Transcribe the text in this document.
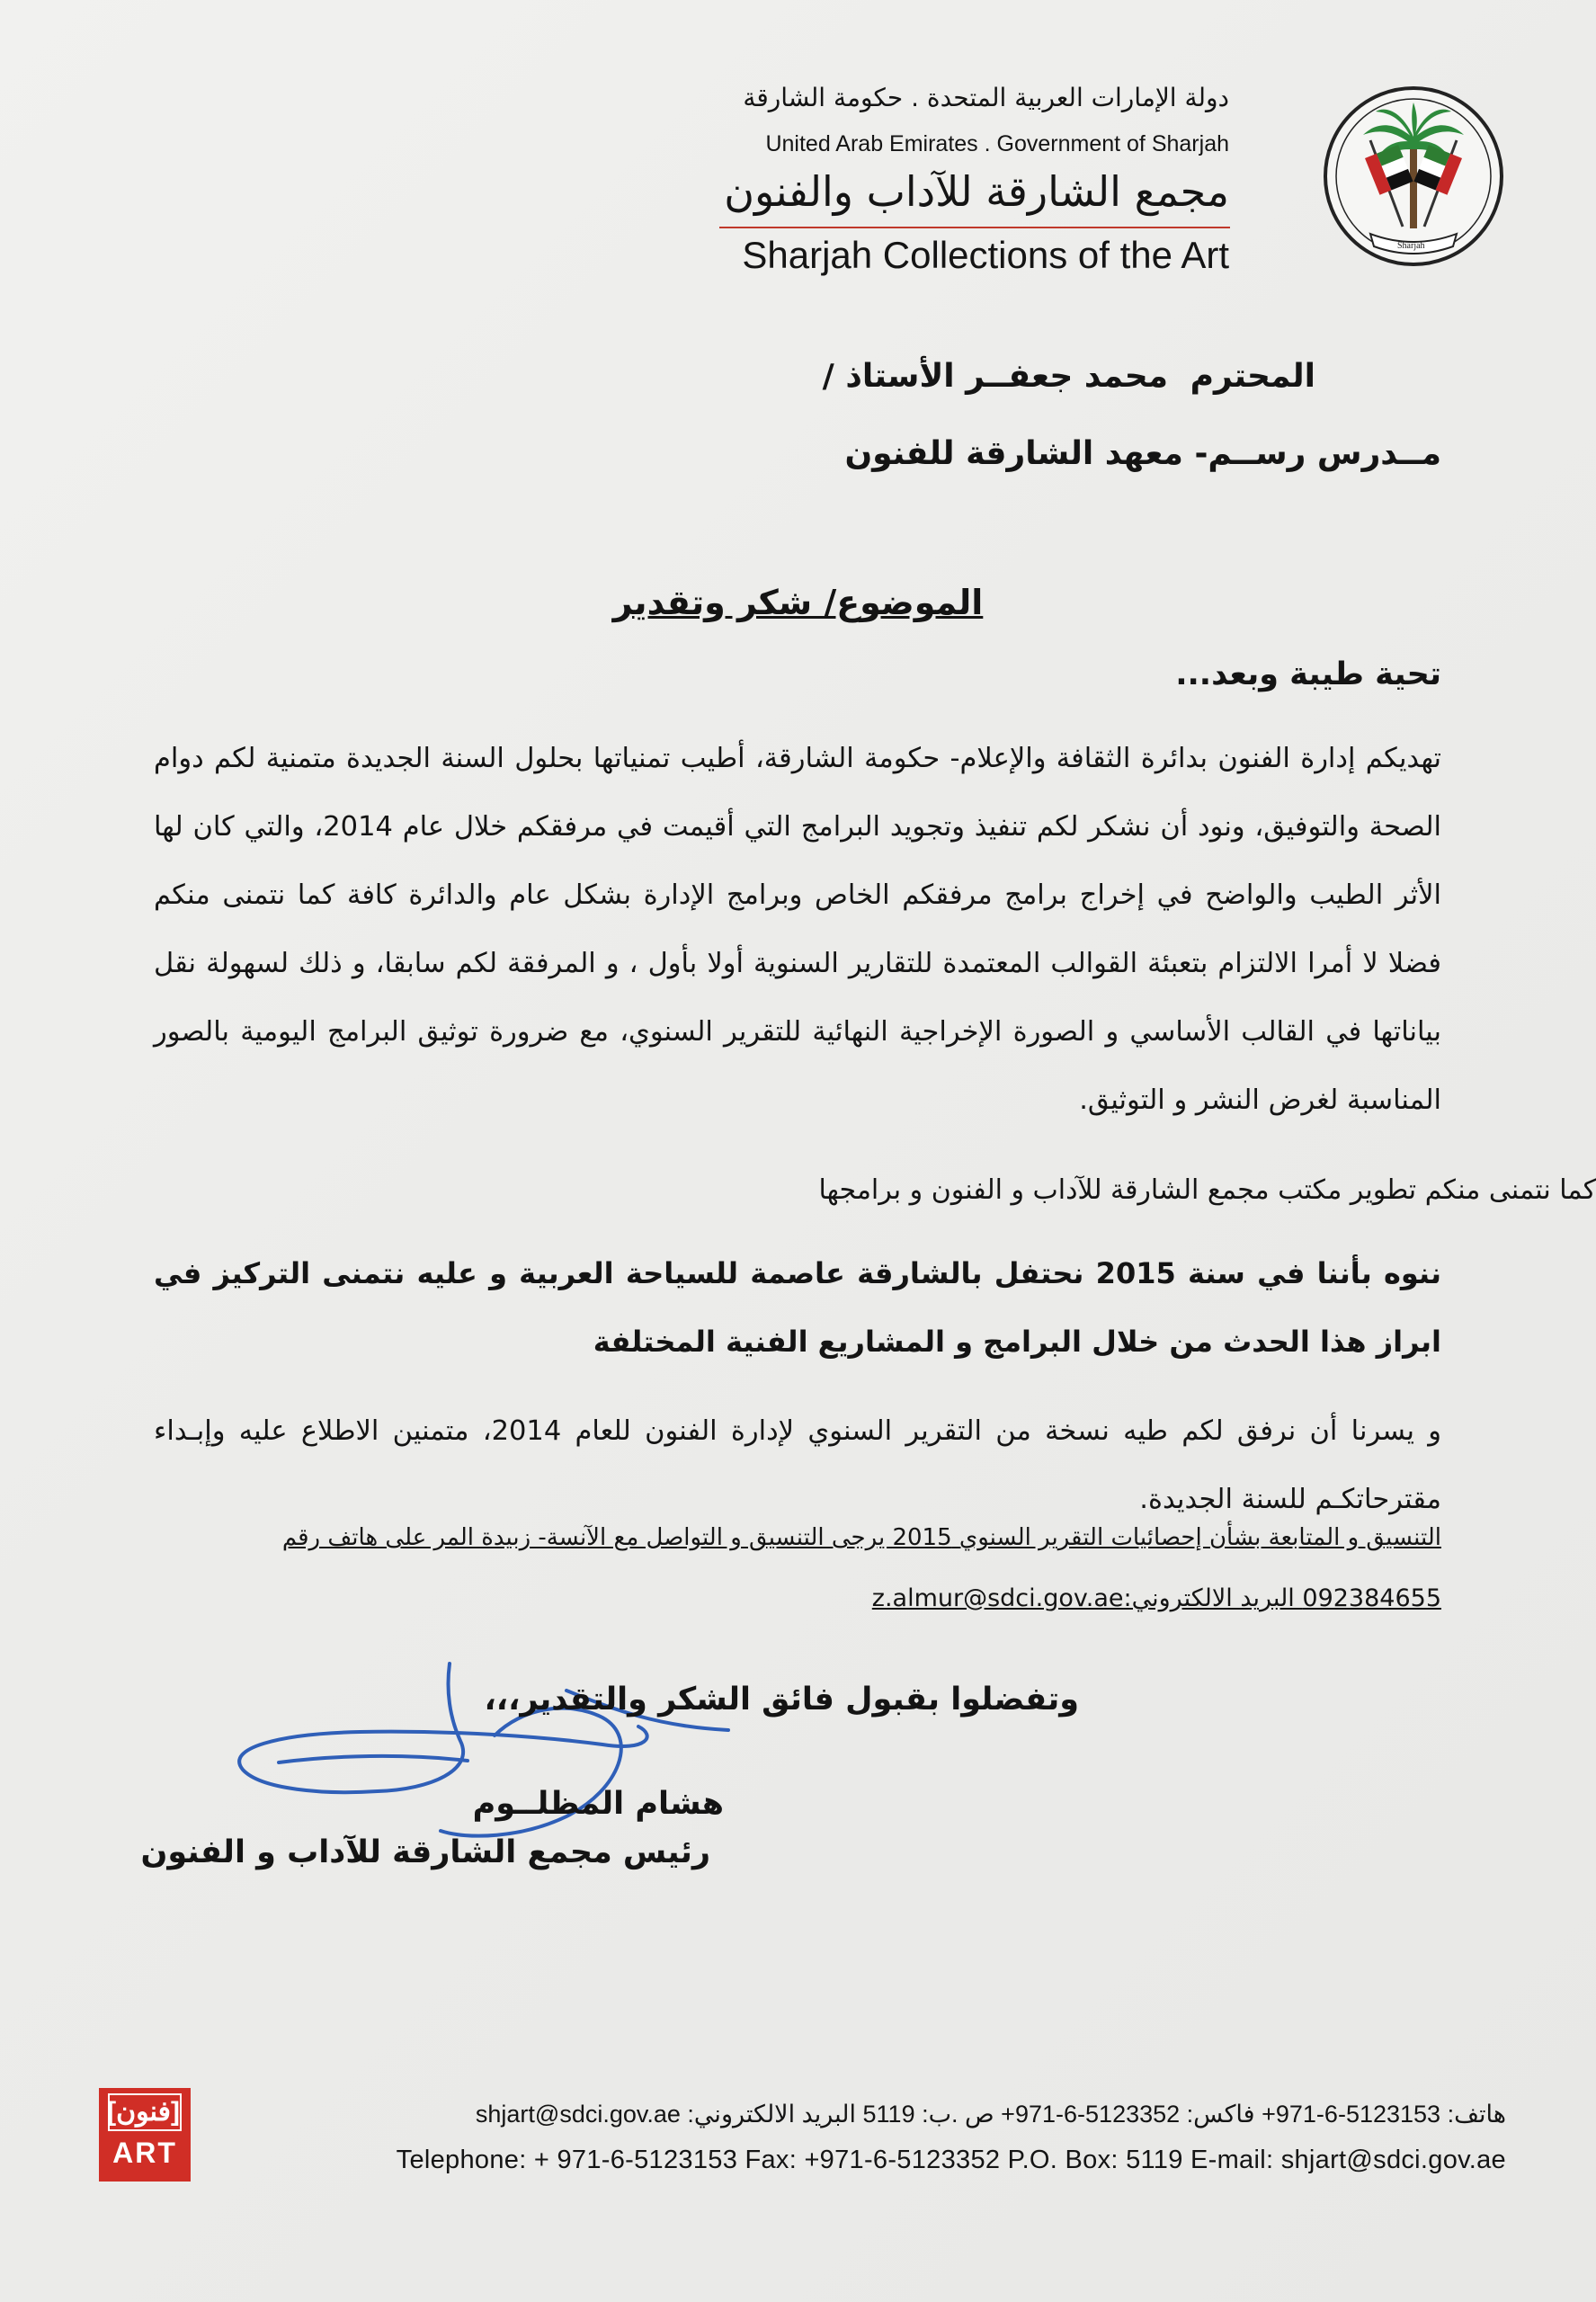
Sharjah
دولة الإمارات العربية المتحدة . حكومة الشارقة
United Arab Emirates . Government of Sharjah
مجمع الشارقة للآداب والفنون
Sharjah Collections of the Art
الأستاذ / محمد جعفــر المحترم
مــدرس رســم- معهد الشارقة للفنون
الموضوع/ شكر وتقدير
تحية طيبة وبعد...
تهديكم إدارة الفنون بدائرة الثقافة والإعلام- حكومة الشارقة، أطيب تمنياتها بحلول السنة الجديدة متمنية لكم دوام الصحة والتوفيق، ونود أن نشكر لكم تنفيذ وتجويد البرامج التي أقيمت في مرفقكم خلال عام 2014، والتي كان لها الأثر الطيب والواضح في إخراج برامج مرفقكم الخاص وبرامج الإدارة بشكل عام والدائرة كافة كما نتمنى منكم فضلا لا أمرا الالتزام بتعبئة القوالب المعتمدة للتقارير السنوية أولا بأول ، و المرفقة لكم سابقا، و ذلك لسهولة نقل بياناتها في القالب الأساسي و الصورة الإخراجية النهائية للتقرير السنوي، مع ضرورة توثيق البرامج اليومية بالصور المناسبة لغرض النشر و التوثيق.
كما نتمنى منكم تطوير مكتب مجمع الشارقة للآداب و الفنون و برامجها
ننوه بأننا في سنة 2015 نحتفل بالشارقة عاصمة للسياحة العربية و عليه نتمنى التركيز في ابراز هذا الحدث من خلال البرامج و المشاريع الفنية المختلفة
و يسرنا أن نرفق لكم طيه نسخة من التقرير السنوي لإدارة الفنون للعام 2014، متمنين الاطلاع عليه وإبـداء مقترحاتكـم للسنة الجديدة.
التنسيق و المتابعة بشأن إحصائيات التقرير السنوي 2015 يرجى التنسيق و التواصل مع الآنسة- زبيدة المر على هاتف رقم
092384655 البريد الالكتروني:z.almur@sdci.gov.ae
وتفضلوا بقبول فائق الشكر والتقدير،،،
هشام المظلــوم
رئيس مجمع الشارقة للآداب و الفنون
[فنون]
ART
هاتف: 5123153-6-971+ فاكس: 5123352-6-971+ ص .ب: 5119 البريد الالكتروني: shjart@sdci.gov.ae
Telephone: + 971-6-5123153 Fax: +971-6-5123352 P.O. Box: 5119 E-mail: shjart@sdci.gov.ae
